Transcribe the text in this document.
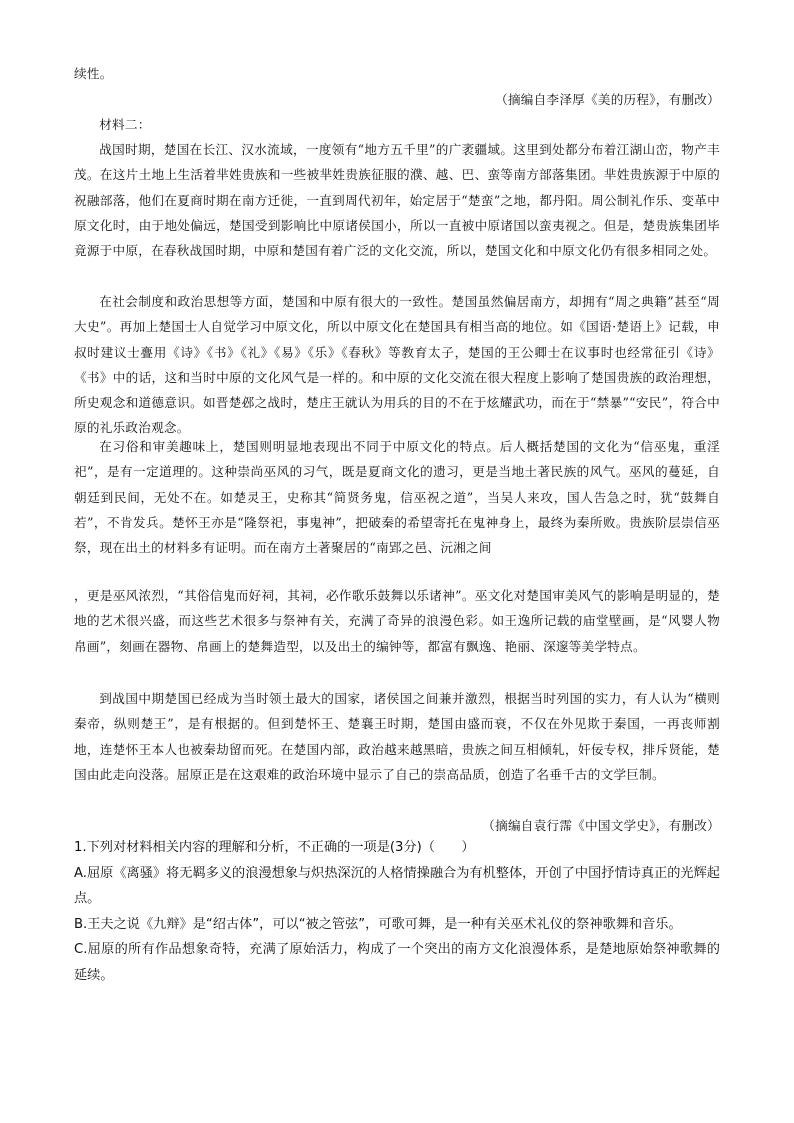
续性。

（摘编自李泽厚《美的历程》，有删改）

材料二：

战国时期，楚国在长江、汉水流域，一度领有“地方五千里”的广袤疆域。这里到处都分布着江湖山峦，物产丰茂。在这片土地上生活着芈姓贵族和一些被芈姓贵族征服的濮、越、巴、蛮等南方部落集团。芈姓贵族源于中原的祝融部落，他们在夏商时期在南方迁徙，一直到周代初年，始定居于“楚蛮”之地，都丹阳。周公制礼作乐、变革中原文化时，由于地处偏远，楚国受到影响比中原诸侯国小，所以一直被中原诸国以蛮夷视之。但是，楚贵族集团毕竟源于中原，在春秋战国时期，中原和楚国有着广泛的文化交流，所以，楚国文化和中原文化仍有很多相同之处。

在社会制度和政治思想等方面，楚国和中原有很大的一致性。楚国虽然偏居南方，却拥有“周之典籍”甚至“周大史”。再加上楚国士人自觉学习中原文化，所以中原文化在楚国具有相当高的地位。如《国语·楚语上》记载，申叔时建议士亹用《诗》《书》《礼》《易》《乐》《春秋》等教育太子，楚国的王公卿士在议事时也经常征引《诗》《书》中的话，这和当时中原的文化风气是一样的。和中原的文化交流在很大程度上影响了楚国贵族的政治理想，所史观念和道德意识。如晋楚邲之战时，楚庄王就认为用兵的目的不在于炫耀武功，而在于“禁暴”“安民”，符合中原的礼乐政治观念。

在习俗和审美趣味上，楚国则明显地表现出不同于中原文化的特点。后人概括楚国的文化为“信巫鬼，重淫祀”，是有一定道理的。这种崇尚巫风的习气，既是夏商文化的遗习，更是当地土著民族的风气。巫风的蔓延，自朝廷到民间，无处不在。如楚灵王，史称其“简贤务鬼，信巫祝之道”，当吴人来攻，国人告急之时，犹“鼓舞自若”，不肯发兵。楚怀王亦是“隆祭祀，事鬼神”，把破秦的希望寄托在鬼神身上，最终为秦所败。贵族阶层崇信巫祭，现在出土的材料多有证明。而在南方土著聚居的“南郢之邑、沅湘之间

，更是巫风浓烈，“其俗信鬼而好祠，其祠，必作歌乐鼓舞以乐诸神”。巫文化对楚国审美风气的影响是明显的，楚地的艺术很兴盛，而这些艺术很多与祭神有关，充满了奇异的浪漫色彩。如王逸所记载的庙堂壁画，是“风婴人物帛画”，刻画在器物、帛画上的楚舞造型，以及出土的编钟等，都富有飘逸、艳丽、深邃等美学特点。

到战国中期楚国已经成为当时领土最大的国家，诸侯国之间兼并激烈，根据当时列国的实力，有人认为“横则秦帝，纵则楚王”，是有根据的。但到楚怀王、楚襄王时期，楚国由盛而衰，不仅在外见欺于秦国，一再丧师割地，连楚怀王本人也被秦劫留而死。在楚国内部，政治越来越黑暗，贵族之间互相倾轧，奸佞专权，排斥贤能，楚国由此走向没落。屈原正是在这艰难的政治环境中显示了自己的崇高品质，创造了名垂千古的文学巨制。

（摘编自袁行霈《中国文学史》，有删改）

1.下列对材料相关内容的理解和分析，不正确的一项是(3分)（　　）

A.屈原《离骚》将无羁多义的浪漫想象与炽热深沉的人格情操融合为有机整体，开创了中国抒情诗真正的光辉起点。

B.王夫之说《九辩》是“绍古体”，可以“被之管弦”，可歌可舞，是一种有关巫术礼仪的祭神歌舞和音乐。

C.屈原的所有作品想象奇特，充满了原始活力，构成了一个突出的南方文化浪漫体系，是楚地原始祭神歌舞的延续。
